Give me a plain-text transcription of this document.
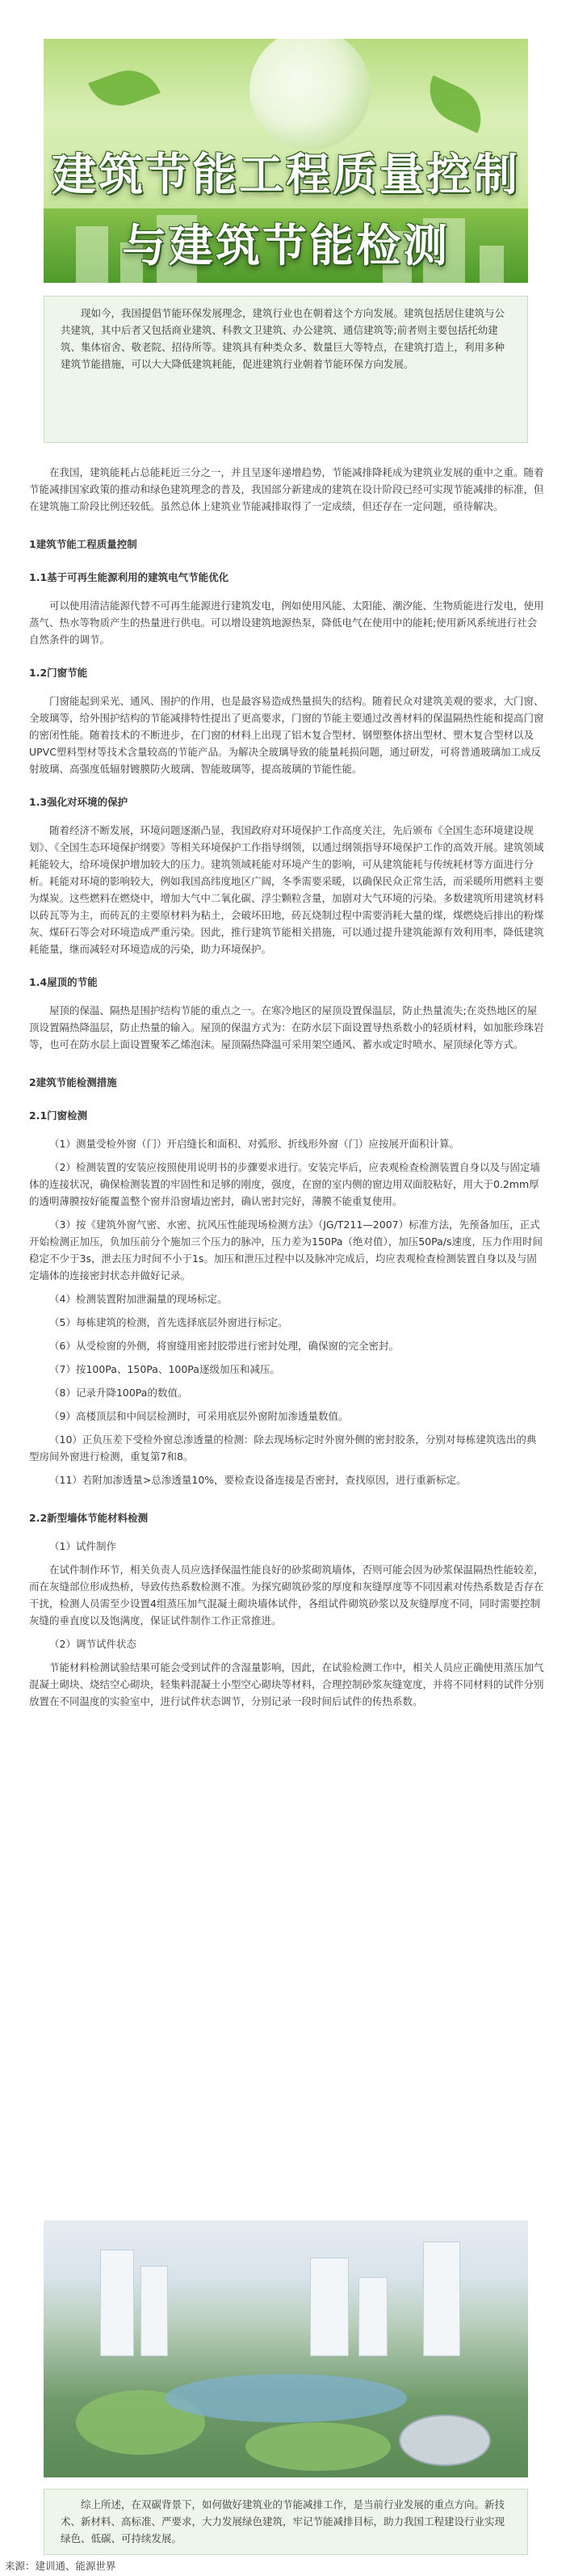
建筑节能工程质量控制
与建筑节能检测

现如今，我国提倡节能环保发展理念，建筑行业也在朝着这个方向发展。建筑包括居住建筑与公共建筑，其中后者又包括商业建筑、科教文卫建筑、办公建筑、通信建筑等;前者则主要包括托幼建筑、集体宿舍、敬老院、招待所等。建筑具有种类众多、数量巨大等特点，在建筑打造上，利用多种建筑节能措施，可以大大降低建筑耗能，促进建筑行业朝着节能环保方向发展。

在我国，建筑能耗占总能耗近三分之一，并且呈逐年递增趋势，节能减排降耗成为建筑业发展的重中之重。随着节能减排国家政策的推动和绿色建筑理念的普及，我国部分新建成的建筑在设计阶段已经可实现节能减排的标准，但在建筑施工阶段比例还较低。虽然总体上建筑业节能减排取得了一定成绩，但还存在一定问题，亟待解决。

1建筑节能工程质量控制

1.1基于可再生能源利用的建筑电气节能优化

可以使用清洁能源代替不可再生能源进行建筑发电，例如使用风能、太阳能、潮汐能、生物质能进行发电，使用蒸气、热水等物质产生的热量进行供电。可以增设建筑地源热泵，降低电气在使用中的能耗;使用新风系统进行社会自然条件的调节。

1.2门窗节能

门窗能起到采光、通风、围护的作用，也是最容易造成热量损失的结构。随着民众对建筑美观的要求，大门窗、全玻璃等，给外围护结构的节能减排特性提出了更高要求，门窗的节能主要通过改善材料的保温隔热性能和提高门窗的密闭性能。随着技术的不断进步，在门窗的材料上出现了铝木复合型材、钢塑整体挤出型材、塑木复合型材以及UPVC塑料型材等技术含量较高的节能产品。为解决全玻璃导致的能量耗损问题，通过研发，可将普通玻璃加工成反射玻璃、高强度低辐射镀膜防火玻璃、智能玻璃等，提高玻璃的节能性能。

1.3强化对环境的保护

随着经济不断发展，环境问题逐渐凸显，我国政府对环境保护工作高度关注，先后颁布《全国生态环境建设规划》、《全国生态环境保护纲要》等相关环境保护工作指导纲领，以通过纲领指导环境保护工作的高效开展。建筑领域耗能较大，给环境保护增加较大的压力。建筑领域耗能对环境产生的影响，可从建筑能耗与传统耗材等方面进行分析。耗能对环境的影响较大，例如我国高纬度地区广阔，冬季需要采暖，以确保民众正常生活，而采暖所用燃料主要为煤炭。这些燃料在燃烧中，增加大气中二氧化碳、浮尘颗粒含量，加剧对大气环境的污染。多数建筑所用建筑材料以砖瓦等为主，而砖瓦的主要原材料为粘土，会破坏田地，砖瓦烧制过程中需要消耗大量的煤，煤燃烧后排出的粉煤灰、煤矸石等会对环境造成严重污染。因此，推行建筑节能相关措施，可以通过提升建筑能源有效利用率，降低建筑耗能量，继而减轻对环境造成的污染，助力环境保护。

1.4屋顶的节能

屋顶的保温、隔热是围护结构节能的重点之一。在寒冷地区的屋顶设置保温层，防止热量流失;在炎热地区的屋顶设置隔热降温层，防止热量的输入。屋顶的保温方式为：在防水层下面设置导热系数小的轻质材料，如加胀珍珠岩等，也可在防水层上面设置聚苯乙烯泡沫。屋顶隔热降温可采用架空通风、蓄水或定时喷水、屋顶绿化等方式。

2建筑节能检测措施

2.1门窗检测

（1）测量受检外窗（门）开启缝长和面积、对弧形、折线形外窗（门）应按展开面积计算。

（2）检测装置的安装应按照使用说明书的步骤要求进行。安装完毕后，应表观检查检测装置自身以及与固定墙体的连接状况，确保检测装置的牢固性和足够的刚度，强度，在窗的室内侧的窗边用双面胶粘好，用大于0.2mm厚的透明薄膜按好能覆盖整个窗并沿窗墙边密封，确认密封完好，薄膜不能重复使用。

（3）按《建筑外窗气密、水密、抗风压性能现场检测方法》（JG/T211—2007）标准方法，先预备加压，正式开始检测正加压，负加压前分个施加三个压力的脉冲，压力差为150Pa（绝对值），加压50Pa/s速度，压力作用时间稳定不少于3s，泄去压力时间不小于1s。加压和泄压过程中以及脉冲完成后，均应表观检查检测装置自身以及与固定墙体的连接密封状态并做好记录。

（4）检测装置附加泄漏量的现场标定。

（5）每栋建筑的检测，首先选择底层外窗进行标定。

（6）从受检窗的外侧，将窗缝用密封胶带进行密封处理，确保窗的完全密封。

（7）按100Pa、150Pa、100Pa逐级加压和减压。

（8）记录升降100Pa的数值。

（9）高楼顶层和中间层检测时，可采用底层外窗附加渗透量数值。

（10）正负压差下受检外窗总渗透量的检测：除去现场标定时外窗外侧的密封胶条，分别对每栋建筑选出的典型房间外窗进行检测，重复第7和8。

（11）若附加渗透量>总渗透量10%，要检查设备连接是否密封，查找原因，进行重新标定。

2.2新型墙体节能材料检测

（1）试件制作

在试件制作环节，相关负责人员应选择保温性能良好的砂浆砌筑墙体，否则可能会因为砂浆保温隔热性能较差，而在灰缝部位形成热桥，导致传热系数检测不准。为探究砌筑砂浆的厚度和灰缝厚度等不同因素对传热系数是否存在干扰，检测人员需至少设置4组蒸压加气混凝土砌块墙体试件，各组试件砌筑砂浆以及灰缝厚度不同，同时需要控制灰缝的垂直度以及饱满度，保证试件制作工作正常推进。

（2）调节试件状态

节能材料检测试验结果可能会受到试件的含湿量影响，因此，在试验检测工作中，相关人员应正确使用蒸压加气混凝土砌块、烧结空心砌块，轻集料混凝土小型空心砌块等材料，合理控制砂浆灰缝宽度，并将不同材料的试件分别放置在不同温度的实验室中，进行试件状态调节，分别记录一段时间后试件的传热系数。

综上所述，在双碳背景下，如何做好建筑业的节能减排工作，是当前行业发展的重点方向。新技术、新材料、高标准、严要求，大力发展绿色建筑，牢记节能减排目标，助力我国工程建设行业实现绿色、低碳、可持续发展。

来源：建训通、能源世界
